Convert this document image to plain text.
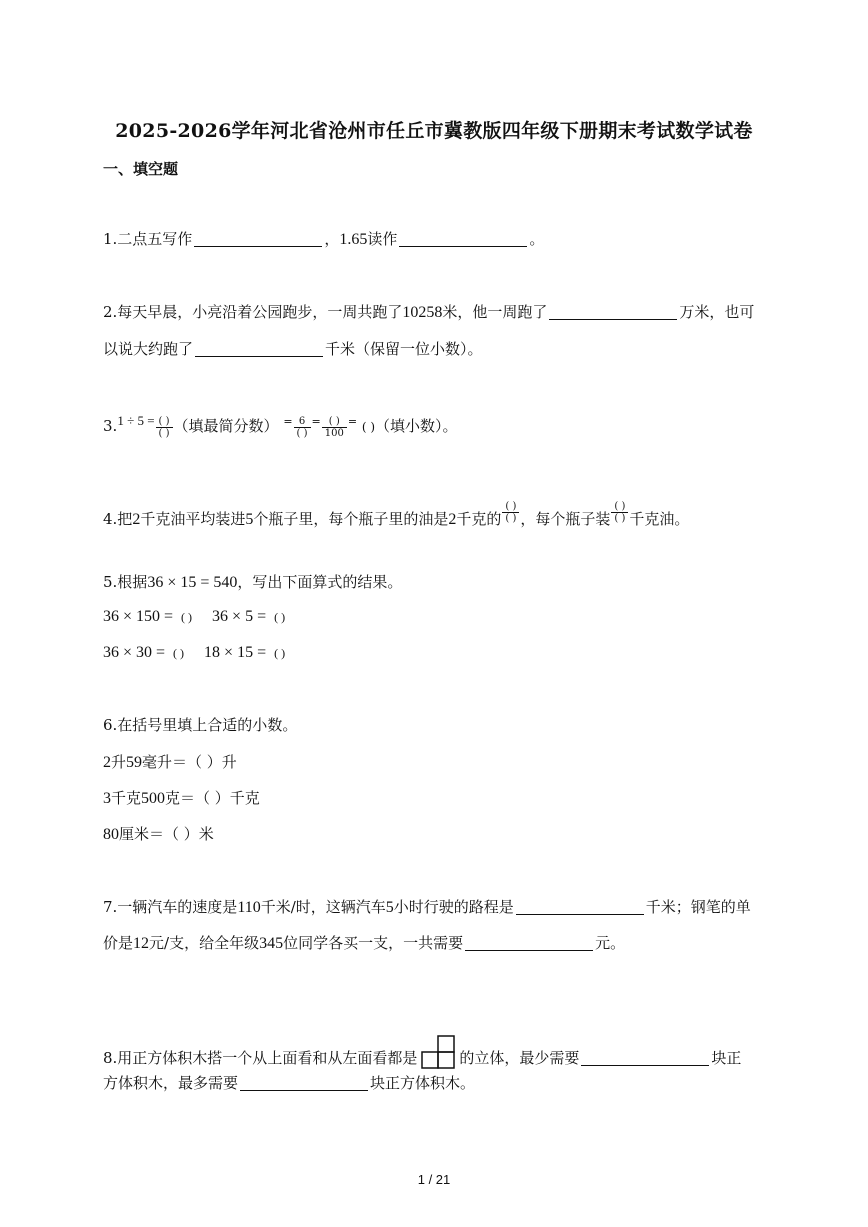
2025-2026学年河北省沧州市任丘市冀教版四年级下册期末考试数学试卷
一、填空题
1.二点五写作	，1.65读作	。
2.每天早晨，小亮沿着公园跑步，一周共跑了10258米，他一周跑了	万米，也可
以说大约跑了	千米（保留一位小数）。
$3.1 \div 5 = \frac{( )}{( )}$ （填最简分数） $^= \frac{6}{( )} ^= \frac{( )}{100} ^=$ ( )（填小数）。
4.把2千克油平均装进5个瓶子里，每个瓶子里的油是2千克的 $\frac{( )}{( )}$ ，每个瓶子装 $\frac{( )}{( )}$ 千克油。
5.根据36 × 15 = 540，写出下面算式的结果。
36 × 150 = ( ) 36 × 5 = ( )
36 × 30 = ( ) 18 × 15 = ( )
6.在括号里填上合适的小数。
2升59毫升＝（ ）升
3千克500克＝（ ）千克
80厘米＝（ ）米
7.一辆汽车的速度是110千米/时，这辆汽车5小时行驶的路程是	千米；钢笔的单
价是12元/支，给全年级345位同学各买一支，一共需要	元。
8.用正方体积木搭一个从上面看和从左面看都是	的立体，最少需要	块正
方体积木，最多需要	块正方体积木。
1 / 21
